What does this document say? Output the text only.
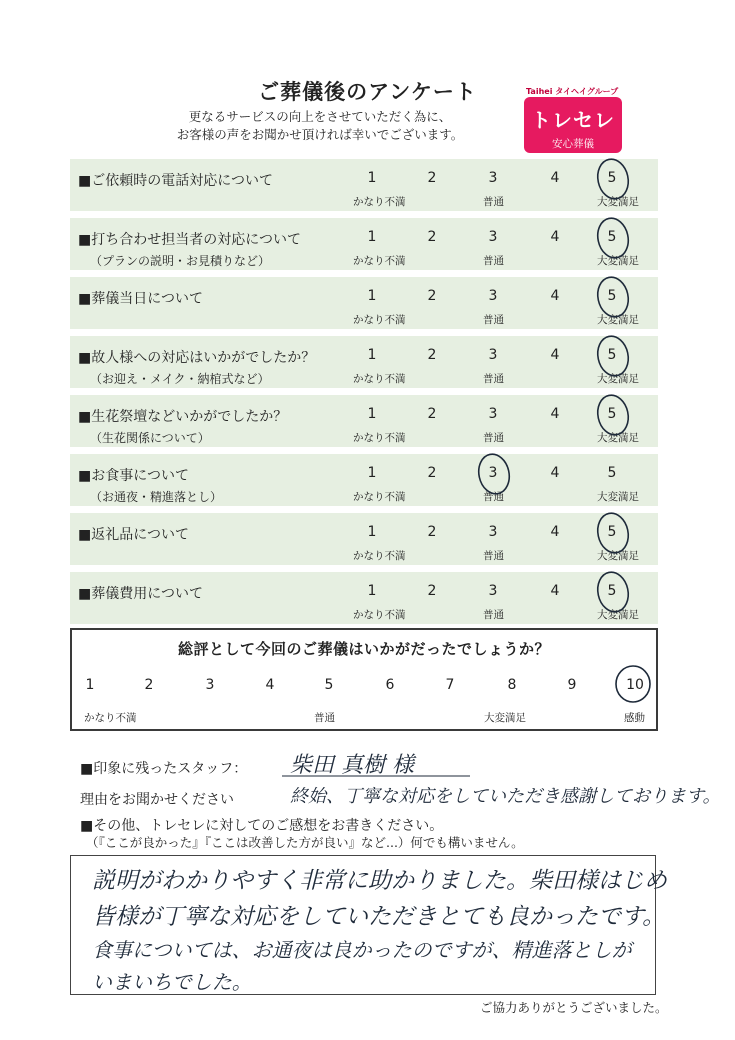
ご葬儀後のアンケート
更なるサービスの向上をさせていただく為に、
お客様の声をお聞かせ頂ければ幸いでございます。
Taihei タイヘイグループ
トレセレ
安心葬儀
■ご依頼時の電話対応について	1	2	3	4	5
かなり不満	普通	大変満足
■打ち合わせ担当者の対応について
（プランの説明・お見積りなど）
1	2	3	4	5
かなり不満	普通	大変満足
■葬儀当日について	1	2	3	4	5
かなり不満	普通	大変満足
■故人様への対応はいかがでしたか？
（お迎え・メイク・納棺式など）
1	2	3	4	5
かなり不満	普通	大変満足
■生花祭壇などいかがでしたか？
（生花関係について）
1	2	3	4	5
かなり不満	普通	大変満足
■お食事について
（お通夜・精進落とし）
1	2	3	4	5
かなり不満	普通	大変満足
■返礼品について	1	2	3	4	5
かなり不満	普通	大変満足
■葬儀費用について	1	2	3	4	5
かなり不満	普通	大変満足
総評として今回のご葬儀はいかがだったでしょうか？
1	2	3	4	5	6	7	8	9	10
かなり不満	普通	大変満足	感動
■印象に残ったスタッフ： 柴田 真樹 様
理由をお聞かせください	終始、丁寧な対応をしていただき感謝しております。
■その他、トレセレに対してのご感想をお書きください。
（『ここが良かった』『ここは改善した方が良い』など...）何でも構いません。
説明がわかりやすく非常に助かりました。柴田様はじめ
皆様が丁寧な対応をしていただきとても良かったです。
食事については、お通夜は良かったのですが、精進落としが
いまいちでした。
ご協力ありがとうございました。
